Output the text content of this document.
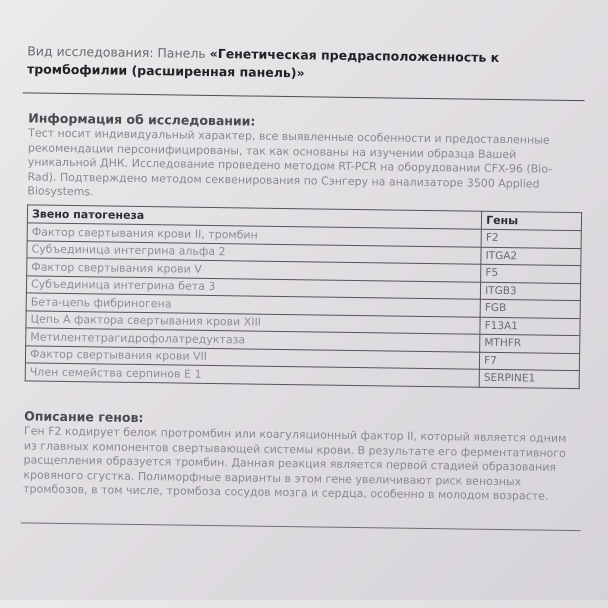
Вид исследования: Панель «Генетическая предрасположенность к тромбофилии (расширенная панель)»
Информация об исследовании:
Тест носит индивидуальный характер, все выявленные особенности и предоставленные рекомендации персонифицированы, так как основаны на изучении образца Вашей уникальной ДНК. Исследование проведено методом RT-PCR на оборудовании CFX-96 (Bio-Rad). Подтверждено методом секвенирования по Сэнгеру на анализаторе 3500 Applied Biosystems.
Звено патогенеза	Гены
Фактор свертывания крови II, тромбин	F2
Субъединица интегрина альфа 2	ITGA2
Фактор свертывания крови V	F5
Субъединица интегрина бета 3	ITGB3
Бета-цепь фибриногена	FGB
Цепь А фактора свертывания крови XIII	F13A1
Метилентетрагидрофолатредуктаза	MTHFR
Фактор свертывания крови VII	F7
Член семейства серпинов Е 1	SERPINE1
Описание генов:
Ген F2 кодирует белок протромбин или коагуляционный фактор II, который является одним из главных компонентов свертывающей системы крови. В результате его ферментативного расщепления образуется тромбин. Данная реакция является первой стадией образования кровяного сгустка. Полиморфные варианты в этом гене увеличивают риск венозных тромбозов, в том числе, тромбоза сосудов мозга и сердца, особенно в молодом возрасте.
